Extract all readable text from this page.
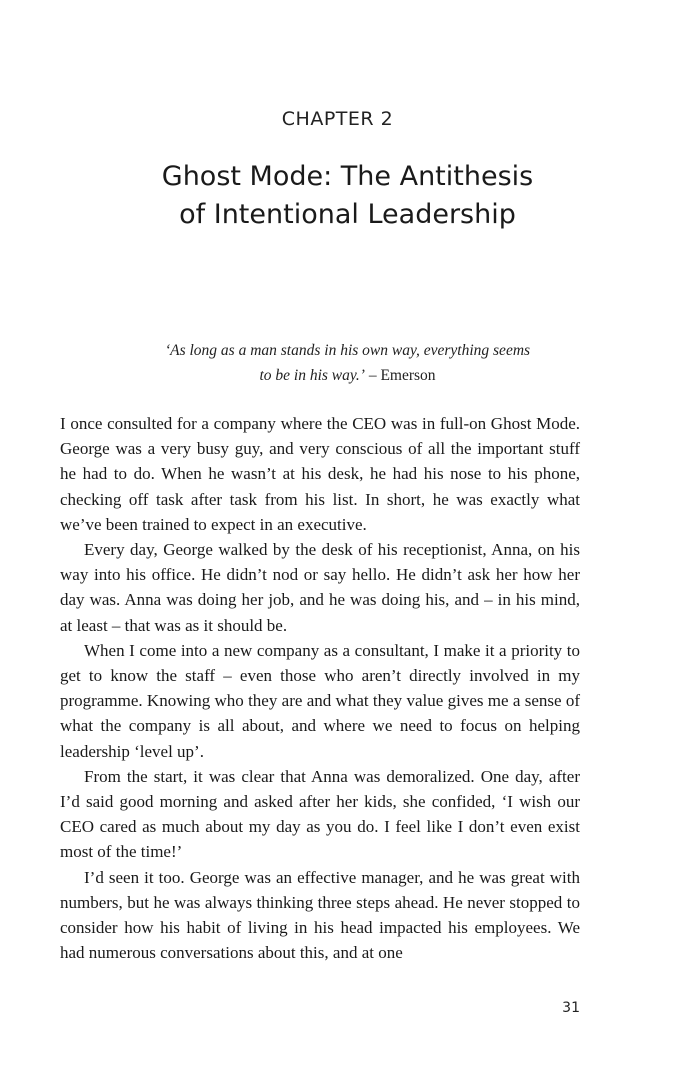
CHAPTER 2
Ghost Mode: The Antithesis
of Intentional Leadership
‘As long as a man stands in his own way, everything seems
to be in his way.’ – Emerson

I once consulted for a company where the CEO was in full-on Ghost Mode. George was a very busy guy, and very conscious of all the important stuff he had to do. When he wasn’t at his desk, he had his nose to his phone, checking off task after task from his list. In short, he was exactly what we’ve been trained to expect in an executive.

Every day, George walked by the desk of his receptionist, Anna, on his way into his office. He didn’t nod or say hello. He didn’t ask her how her day was. Anna was doing her job, and he was doing his, and – in his mind, at least – that was as it should be.

When I come into a new company as a consultant, I make it a priority to get to know the staff – even those who aren’t directly involved in my programme. Knowing who they are and what they value gives me a sense of what the company is all about, and where we need to focus on helping leadership ‘level up’.

From the start, it was clear that Anna was demoralized. One day, after I’d said good morning and asked after her kids, she confided, ‘I wish our CEO cared as much about my day as you do. I feel like I don’t even exist most of the time!’

I’d seen it too. George was an effective manager, and he was great with numbers, but he was always thinking three steps ahead. He never stopped to consider how his habit of living in his head impacted his employees. We had numerous conversations about this, and at one

31
